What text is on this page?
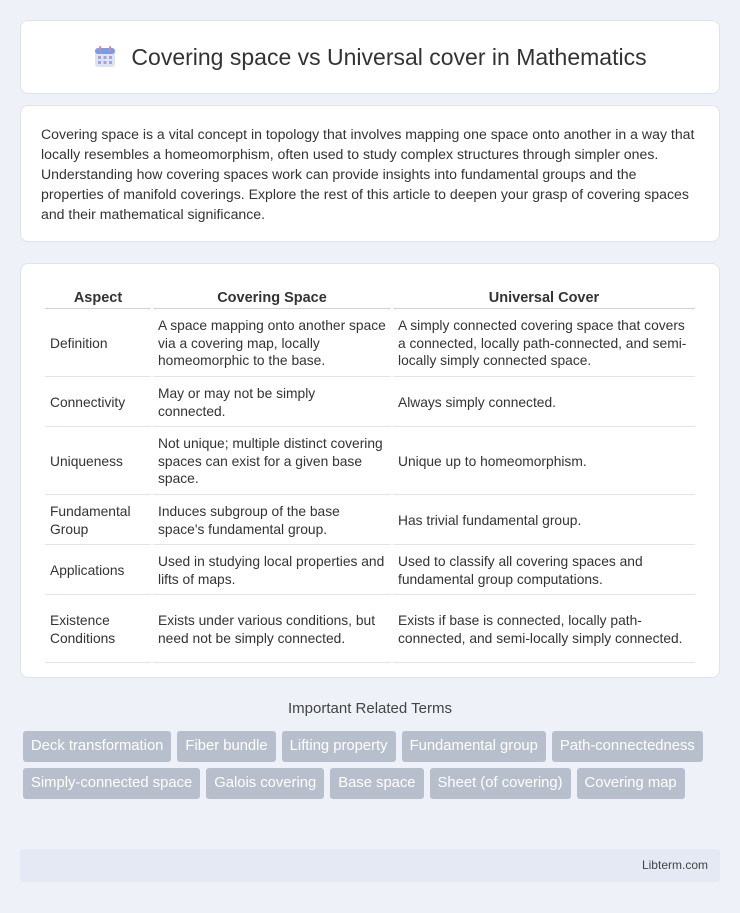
Covering space vs Universal cover in Mathematics

Covering space is a vital concept in topology that involves mapping one space onto another in a way that locally resembles a homeomorphism, often used to study complex structures through simpler ones. Understanding how covering spaces work can provide insights into fundamental groups and the properties of manifold coverings. Explore the rest of this article to deepen your grasp of covering spaces and their mathematical significance.

Aspect	Covering Space	Universal Cover
Definition	A space mapping onto another space via a covering map, locally homeomorphic to the base.	A simply connected covering space that covers a connected, locally path-connected, and semi-locally simply connected space.
Connectivity	May or may not be simply connected.	Always simply connected.
Uniqueness	Not unique; multiple distinct covering spaces can exist for a given base space.	Unique up to homeomorphism.
Fundamental Group	Induces subgroup of the base space's fundamental group.	Has trivial fundamental group.
Applications	Used in studying local properties and lifts of maps.	Used to classify all covering spaces and fundamental group computations.
Existence Conditions	Exists under various conditions, but need not be simply connected.	Exists if base is connected, locally path-connected, and semi-locally simply connected.
Important Related Terms
Deck transformation	Fiber bundle	Lifting property	Fundamental group	Path-connectedness
Simply-connected space	Galois covering	Base space	Sheet (of covering)	Covering map
Libterm.com
